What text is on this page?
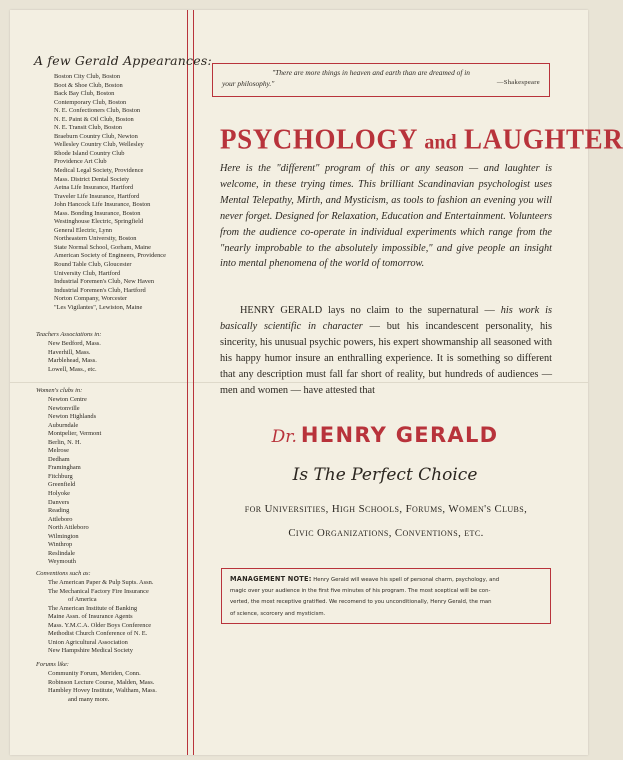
A few Gerald Appearances:
Boston City Club, Boston
Boot & Shoe Club, Boston
Back Bay Club, Boston
Contemporary Club, Boston
N. E. Confectioners Club, Boston
N. E. Paint & Oil Club, Boston
N. E. Transit Club, Boston
Braeburn Country Club, Newton
Wellesley Country Club, Wellesley
Rhode Island Country Club
Providence Art Club
Medical Legal Society, Providence
Mass. District Dental Society
Aetna Life Insurance, Hartford
Traveler Life Insurance, Hartford
John Hancock Life Insurance, Boston
Mass. Bonding Insurance, Boston
Westinghouse Electric, Springfield
General Electric, Lynn
Northeastern University, Boston
State Normal School, Gorham, Maine
American Society of Engineers, Providence
Round Table Club, Gloucester
University Club, Hartford
Industrial Foremen's Club, New Haven
Industrial Foremen's Club, Hartford
Norton Company, Worcester
"Les Vigilantes", Lewiston, Maine
Teachers Associations in:
New Bedford, Mass.
Haverhill, Mass.
Marblehead, Mass.
Lowell, Mass., etc.
Women's clubs in:
Newton Centre
Newtonville
Newton Highlands
Auburndale
Montpelier, Vermont
Berlin, N. H.
Melrose
Dedham
Framingham
Fitchburg
Greenfield
Holyoke
Danvers
Reading
Attleboro
North Attleboro
Wilmington
Winthrop
Reslindale
Weymouth
Conventions such as:
The American Paper & Pulp Supts. Assn.
The Mechanical Factory Fire Insurance
of America
The American Institute of Banking
Maine Assn. of Insurance Agents
Mass. Y.M.C.A. Older Boys Conference
Methodist Church Conference of N. E.
Union Agricultural Association
New Hampshire Medical Society
Forums like:
Community Forum, Meriden, Conn.
Robinson Lecture Course, Malden, Mass.
Hambley Hovey Institute, Waltham, Mass.
and many more.
"There are more things in heaven and earth than are dreamed of in
your philosophy."	—Shakespeare
PSYCHOLOGY and LAUGHTER

Here is the "different" program of this or any season — and laughter is welcome, in these trying times. This brilliant Scandinavian psychologist uses Mental Telepathy, Mirth, and Mysticism, as tools to fashion an evening you will never forget. Designed for Relaxation, Education and Entertainment. Volunteers from the audience co-operate in individual experiments which range from the "nearly improbable to the absolutely impossible," and give people an insight into mental phenomena of the world of tomorrow.

HENRY GERALD lays no claim to the supernatural — his work is basically scientific in character — but his incandescent personality, his sincerity, his unusual psychic powers, his expert showmanship all seasoned with his happy humor insure an enthralling experience. It is something so different that any description must fall far short of reality, but hundreds of audiences — men and women — have attested that

Dr. HENRY GERALD
Is The Perfect Choice
for Universities, High Schools, Forums, Women's Clubs,
Civic Organizations, Conventions, etc.
MANAGEMENT NOTE: Henry Gerald will weave his spell of personal charm, psychology, and
magic over your audience in the first five minutes of his program. The most sceptical will be con-
verted, the most receptive gratified. We recomend to you unconditionally, Henry Gerald, the man
of science, scorcery and mysticism.
